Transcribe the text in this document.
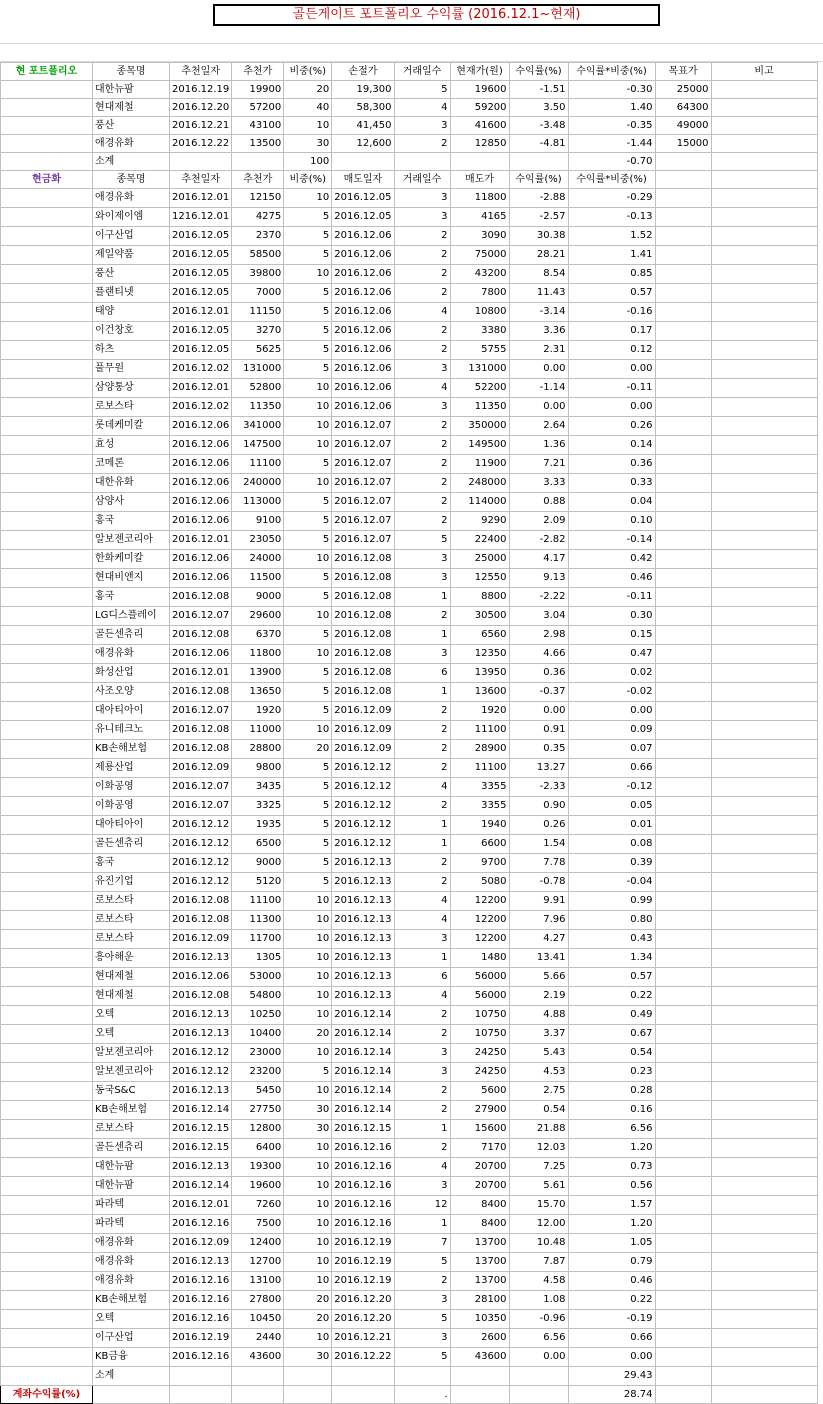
골든게이트 포트폴리오 수익률 (2016.12.1~현재)
현 포트폴리오	종목명	추천일자	추천가	비중(%)	손절가	거래일수	현재가(원)	수익률(%)	수익률*비중(%)	목표가	비고
	대한뉴팜	2016.12.19	19900	20	19,300	5	19600	-1.51	-0.30	25000	
	현대제철	2016.12.20	57200	40	58,300	4	59200	3.50	1.40	64300	
	풍산	2016.12.21	43100	10	41,450	3	41600	-3.48	-0.35	49000	
	애경유화	2016.12.22	13500	30	12,600	2	12850	-4.81	-1.44	15000	
	소계			100					-0.70		
현금화	종목명	추천일자	추천가	비중(%)	매도일자	거래일수	매도가	수익률(%)	수익률*비중(%)		
	애경유화	2016.12.01	12150	10	2016.12.05	3	11800	-2.88	-0.29		
	와이제이엠	1216.12.01	4275	5	2016.12.05	3	4165	-2.57	-0.13		
	이구산업	2016.12.05	2370	5	2016.12.06	2	3090	30.38	1.52		
	제일약품	2016.12.05	58500	5	2016.12.06	2	75000	28.21	1.41		
	풍산	2016.12.05	39800	10	2016.12.06	2	43200	8.54	0.85		
	플랜티넷	2016.12.05	7000	5	2016.12.06	2	7800	11.43	0.57		
	태양	2016.12.01	11150	5	2016.12.06	4	10800	-3.14	-0.16		
	이건창호	2016.12.05	3270	5	2016.12.06	2	3380	3.36	0.17		
	하츠	2016.12.05	5625	5	2016.12.06	2	5755	2.31	0.12		
	풀무원	2016.12.02	131000	5	2016.12.06	3	131000	0.00	0.00		
	삼양통상	2016.12.01	52800	10	2016.12.06	4	52200	-1.14	-0.11		
	로보스타	2016.12.02	11350	10	2016.12.06	3	11350	0.00	0.00		
	롯데케미칼	2016.12.06	341000	10	2016.12.07	2	350000	2.64	0.26		
	효성	2016.12.06	147500	10	2016.12.07	2	149500	1.36	0.14		
	코메론	2016.12.06	11100	5	2016.12.07	2	11900	7.21	0.36		
	대한유화	2016.12.06	240000	10	2016.12.07	2	248000	3.33	0.33		
	삼양사	2016.12.06	113000	5	2016.12.07	2	114000	0.88	0.04		
	홍국	2016.12.06	9100	5	2016.12.07	2	9290	2.09	0.10		
	알보젠코리아	2016.12.01	23050	5	2016.12.07	5	22400	-2.82	-0.14		
	한화케미칼	2016.12.06	24000	10	2016.12.08	3	25000	4.17	0.42		
	현대비앤지	2016.12.06	11500	5	2016.12.08	3	12550	9.13	0.46		
	홍국	2016.12.08	9000	5	2016.12.08	1	8800	-2.22	-0.11		
	LG디스플레이	2016.12.07	29600	10	2016.12.08	2	30500	3.04	0.30		
	골든센츄리	2016.12.08	6370	5	2016.12.08	1	6560	2.98	0.15		
	애경유화	2016.12.06	11800	10	2016.12.08	3	12350	4.66	0.47		
	화성산업	2016.12.01	13900	5	2016.12.08	6	13950	0.36	0.02		
	사조오양	2016.12.08	13650	5	2016.12.08	1	13600	-0.37	-0.02		
	대아티아이	2016.12.07	1920	5	2016.12.09	2	1920	0.00	0.00		
	유니테크노	2016.12.08	11000	10	2016.12.09	2	11100	0.91	0.09		
	KB손해보험	2016.12.08	28800	20	2016.12.09	2	28900	0.35	0.07		
	제룡산업	2016.12.09	9800	5	2016.12.12	2	11100	13.27	0.66		
	이화공영	2016.12.07	3435	5	2016.12.12	4	3355	-2.33	-0.12		
	이화공영	2016.12.07	3325	5	2016.12.12	2	3355	0.90	0.05		
	대아티아이	2016.12.12	1935	5	2016.12.12	1	1940	0.26	0.01		
	골든센츄리	2016.12.12	6500	5	2016.12.12	1	6600	1.54	0.08		
	홍국	2016.12.12	9000	5	2016.12.13	2	9700	7.78	0.39		
	유진기업	2016.12.12	5120	5	2016.12.13	2	5080	-0.78	-0.04		
	로보스타	2016.12.08	11100	10	2016.12.13	4	12200	9.91	0.99		
	로보스타	2016.12.08	11300	10	2016.12.13	4	12200	7.96	0.80		
	로보스타	2016.12.09	11700	10	2016.12.13	3	12200	4.27	0.43		
	흥아해운	2016.12.13	1305	10	2016.12.13	1	1480	13.41	1.34		
	현대제철	2016.12.06	53000	10	2016.12.13	6	56000	5.66	0.57		
	현대제철	2016.12.08	54800	10	2016.12.13	4	56000	2.19	0.22		
	오텍	2016.12.13	10250	10	2016.12.14	2	10750	4.88	0.49		
	오텍	2016.12.13	10400	20	2016.12.14	2	10750	3.37	0.67		
	알보젠코리아	2016.12.12	23000	10	2016.12.14	3	24250	5.43	0.54		
	알보젠코리아	2016.12.12	23200	5	2016.12.14	3	24250	4.53	0.23		
	동국S&C	2016.12.13	5450	10	2016.12.14	2	5600	2.75	0.28		
	KB손해보험	2016.12.14	27750	30	2016.12.14	2	27900	0.54	0.16		
	로보스타	2016.12.15	12800	30	2016.12.15	1	15600	21.88	6.56		
	골든센츄리	2016.12.15	6400	10	2016.12.16	2	7170	12.03	1.20		
	대한뉴팜	2016.12.13	19300	10	2016.12.16	4	20700	7.25	0.73		
	대한뉴팜	2016.12.14	19600	10	2016.12.16	3	20700	5.61	0.56		
	파라텍	2016.12.01	7260	10	2016.12.16	12	8400	15.70	1.57		
	파라텍	2016.12.16	7500	10	2016.12.16	1	8400	12.00	1.20		
	애경유화	2016.12.09	12400	10	2016.12.19	7	13700	10.48	1.05		
	애경유화	2016.12.13	12700	10	2016.12.19	5	13700	7.87	0.79		
	애경유화	2016.12.16	13100	10	2016.12.19	2	13700	4.58	0.46		
	KB손해보험	2016.12.16	27800	20	2016.12.20	3	28100	1.08	0.22		
	오텍	2016.12.16	10450	20	2016.12.20	5	10350	-0.96	-0.19		
	이구산업	2016.12.19	2440	10	2016.12.21	3	2600	6.56	0.66		
	KB금융	2016.12.16	43600	30	2016.12.22	5	43600	0.00	0.00		
	소계								29.43		
계좌수익률(%)						.			28.74		
